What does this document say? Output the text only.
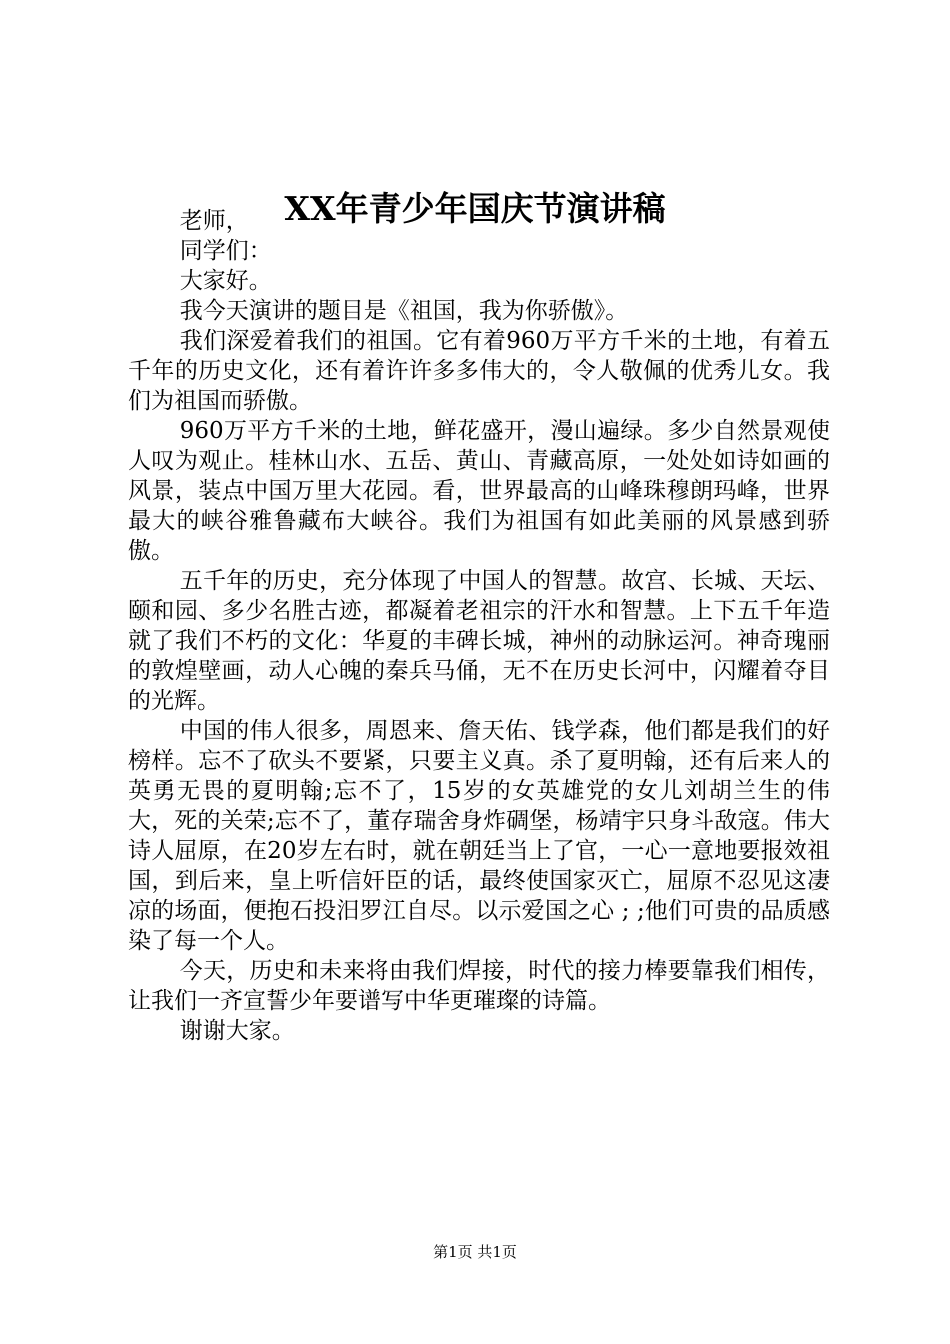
XX年青少年国庆节演讲稿

老师，

同学们：

大家好。

我今天演讲的题目是《祖国，我为你骄傲》。

我们深爱着我们的祖国。它有着960万平方千米的土地，有着五千年的历史文化，还有着许许多多伟大的，令人敬佩的优秀儿女。我们为祖国而骄傲。

960万平方千米的土地，鲜花盛开，漫山遍绿。多少自然景观使人叹为观止。桂林山水、五岳、黄山、青藏高原，一处处如诗如画的风景，装点中国万里大花园。看，世界最高的山峰珠穆朗玛峰，世界最大的峡谷雅鲁藏布大峡谷。我们为祖国有如此美丽的风景感到骄傲。

五千年的历史，充分体现了中国人的智慧。故宫、长城、天坛、颐和园、多少名胜古迹，都凝着老祖宗的汗水和智慧。上下五千年造就了我们不朽的文化：华夏的丰碑长城，神州的动脉运河。神奇瑰丽的敦煌壁画，动人心魄的秦兵马俑，无不在历史长河中，闪耀着夺目的光辉。

中国的伟人很多，周恩来、詹天佑、钱学森，他们都是我们的好榜样。忘不了砍头不要紧，只要主义真。杀了夏明翰，还有后来人的英勇无畏的夏明翰;忘不了，15岁的女英雄党的女儿刘胡兰生的伟大，死的关荣;忘不了，董存瑞舍身炸碉堡，杨靖宇只身斗敌寇。伟大诗人屈原，在20岁左右时，就在朝廷当上了官，一心一意地要报效祖国，到后来，皇上听信奸臣的话，最终使国家灭亡，屈原不忍见这凄凉的场面，便抱石投汨罗江自尽。以示爱国之心 ; ;他们可贵的品质感染了每一个人。

今天，历史和未来将由我们焊接，时代的接力棒要靠我们相传，让我们一齐宣誓少年要谱写中华更璀璨的诗篇。

谢谢大家。

第1页 共1页
